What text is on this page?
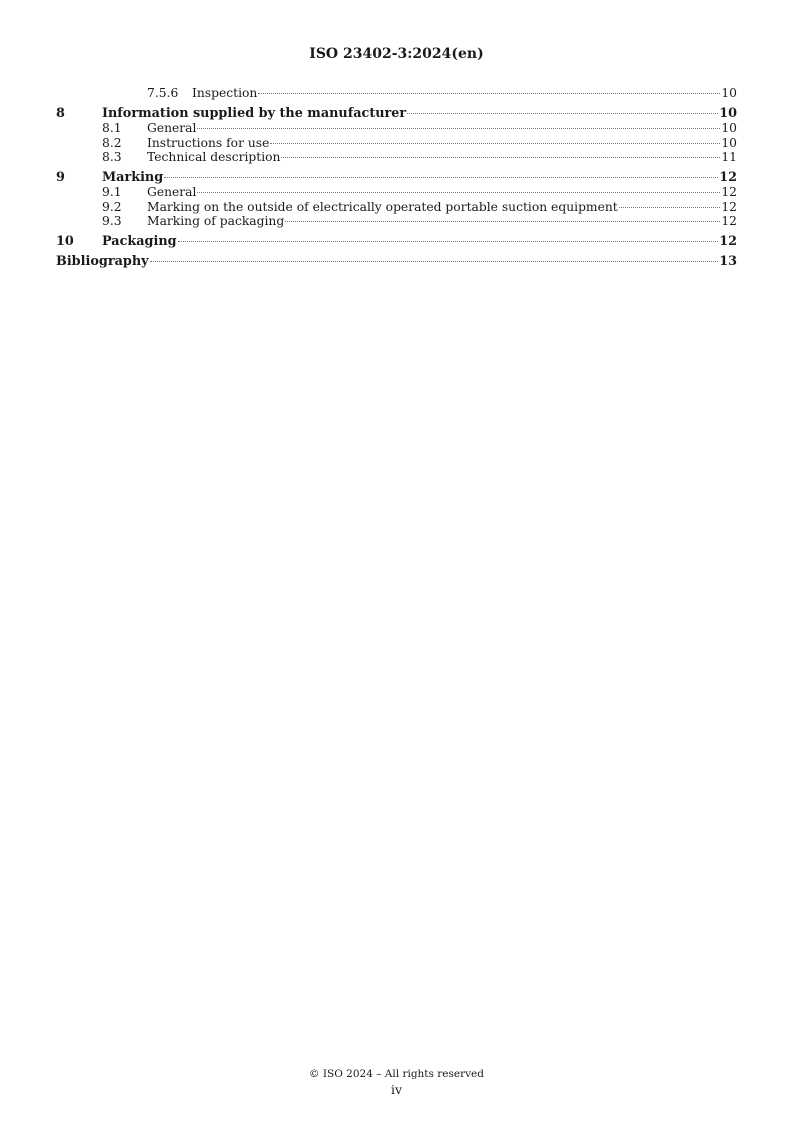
ISO 23402-3:2024(en)
7.5.6	Inspection	10
8	Information supplied by the manufacturer	10
8.1	General	10
8.2	Instructions for use	10
8.3	Technical description	11
9	Marking	12
9.1	General	12
9.2	Marking on the outside of electrically operated portable suction equipment	12
9.3	Marking of packaging	12
10	Packaging	12
Bibliography	13
© ISO 2024 – All rights reserved
iv
